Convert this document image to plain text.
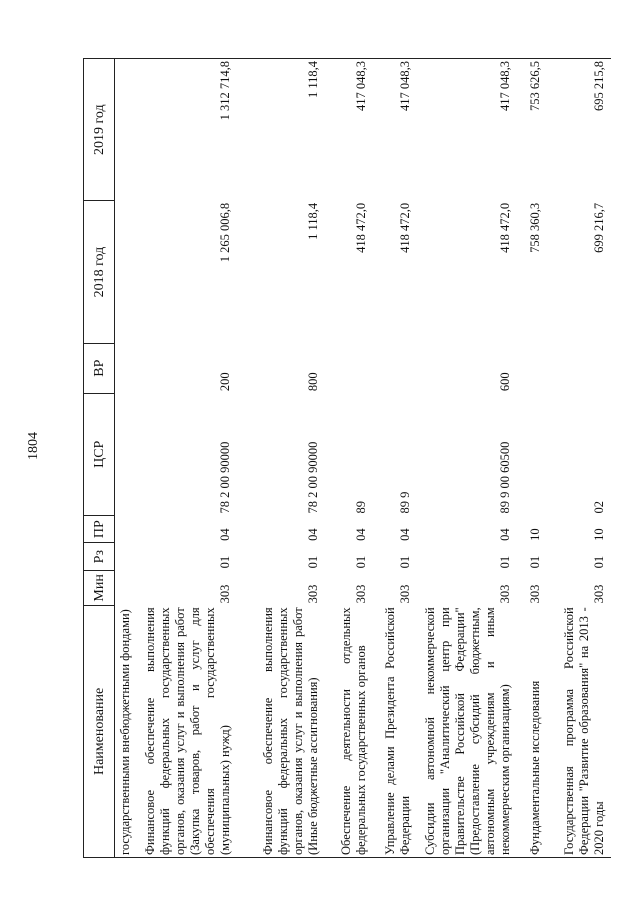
1804
Наименование	Мин	Рз	ПР	ЦСР	ВР	2018 год	2019 год
государственными внебюджетными фондами)							
Финансовое обеспечение выполнения функций федеральных государственных органов, оказания услуг и выполнения работ (Закупка товаров, работ и услуг для обеспечения государственных (муниципальных) нужд)	303	01	04	78 2 00 90000	200	1 265 006,8	1 312 714,8
Финансовое обеспечение выполнения функций федеральных государственных органов, оказания услуг и выполнения работ (Иные бюджетные ассигнования)	303	01	04	78 2 00 90000	800	1 118,4	1 118,4
Обеспечение деятельности отдельных федеральных государственных органов	303	01	04	89		418 472,0	417 048,3
Управление делами Президента Российской Федерации	303	01	04	89 9		418 472,0	417 048,3
Субсидии автономной некоммерческой организации "Аналитический центр при Правительстве Российской Федерации" (Предоставление субсидий бюджетным, автономным учреждениям и иным некоммерческим организациям)	303	01	04	89 9 00 60500	600	418 472,0	417 048,3
Фундаментальные исследования	303	01	10			758 360,3	753 626,5
Государственная программа Российской Федерации "Развитие образования" на 2013 - 2020 годы	303	01	10	02		699 216,7	695 215,8
